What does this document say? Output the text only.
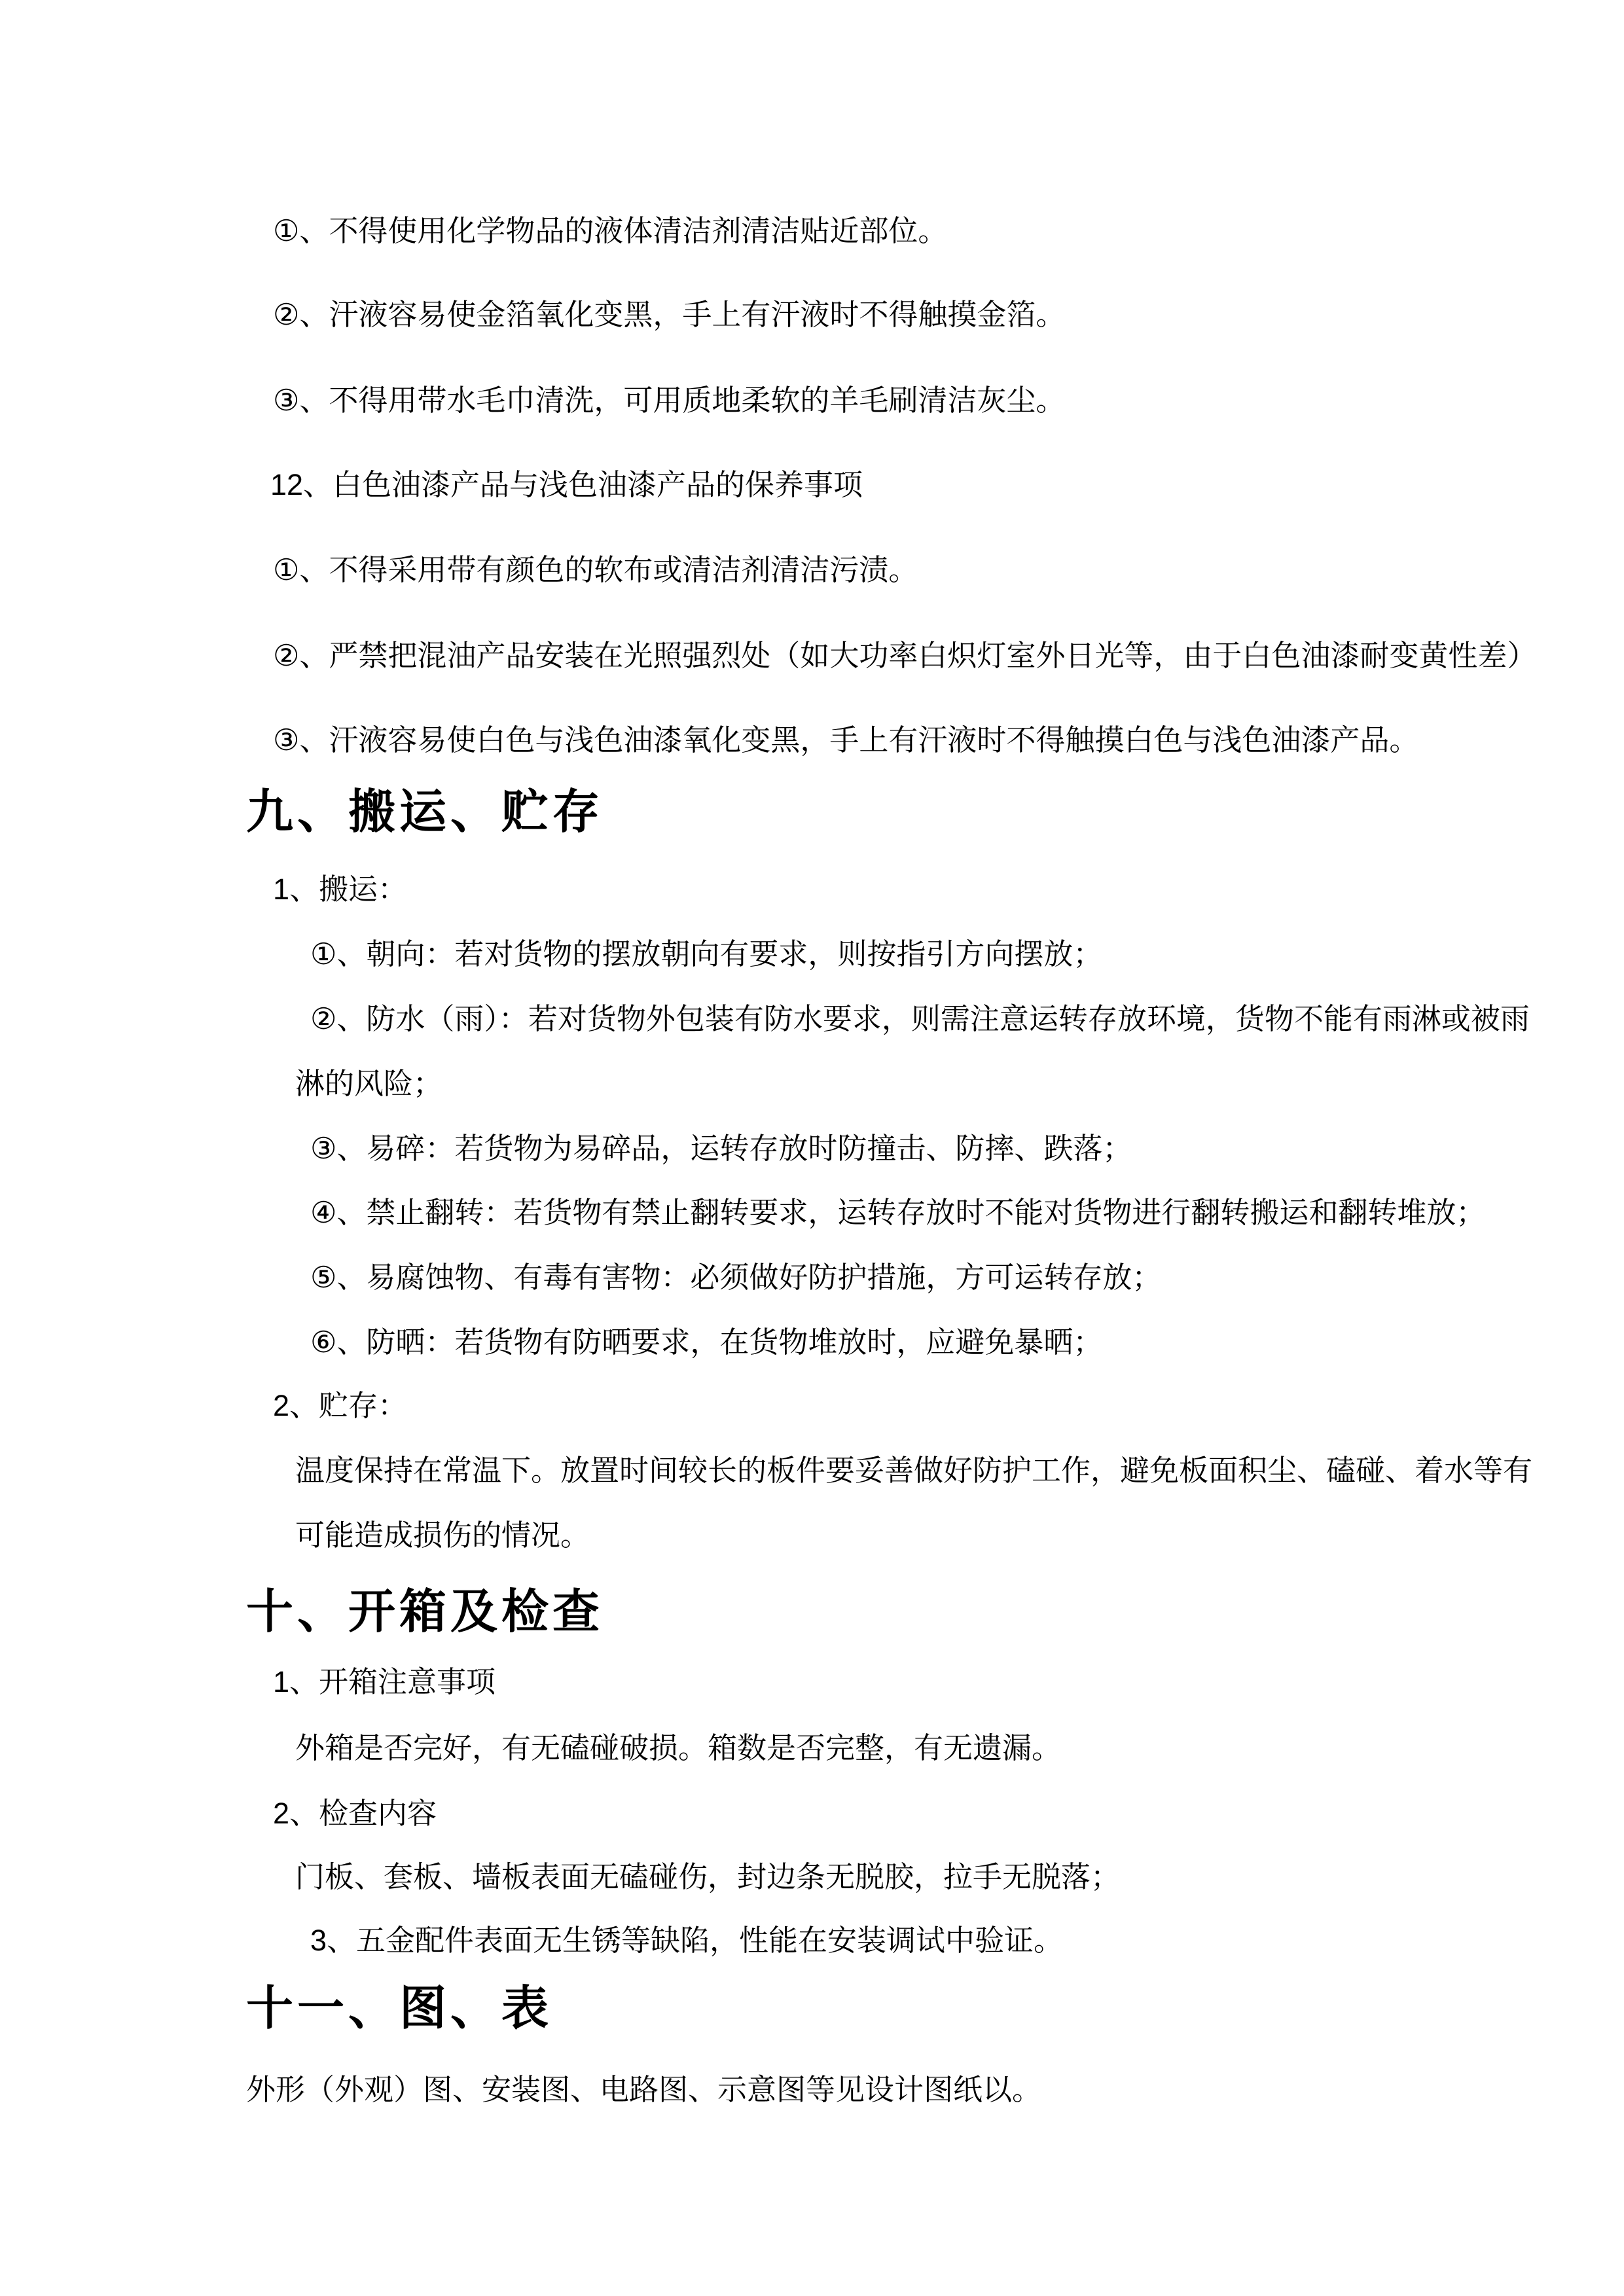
①、不得使用化学物品的液体清洁剂清洁贴近部位。
②、汗液容易使金箔氧化变黑，手上有汗液时不得触摸金箔。
③、不得用带水毛巾清洗，可用质地柔软的羊毛刷清洁灰尘。
12、白色油漆产品与浅色油漆产品的保养事项
①、不得采用带有颜色的软布或清洁剂清洁污渍。
②、严禁把混油产品安装在光照强烈处（如大功率白炽灯室外日光等，由于白色油漆耐变黄性差）
③、汗液容易使白色与浅色油漆氧化变黑，手上有汗液时不得触摸白色与浅色油漆产品。
九、搬运、贮存
1、搬运：
①、朝向：若对货物的摆放朝向有要求，则按指引方向摆放；
②、防水（雨）：若对货物外包装有防水要求，则需注意运转存放环境，货物不能有雨淋或被雨
淋的风险；
③、易碎：若货物为易碎品，运转存放时防撞击、防摔、跌落；
④、禁止翻转：若货物有禁止翻转要求，运转存放时不能对货物进行翻转搬运和翻转堆放；
⑤、易腐蚀物、有毒有害物：必须做好防护措施，方可运转存放；
⑥、防晒：若货物有防晒要求，在货物堆放时，应避免暴晒；
2、贮存：
温度保持在常温下。放置时间较长的板件要妥善做好防护工作，避免板面积尘、磕碰、着水等有
可能造成损伤的情况。
十、开箱及检查
1、开箱注意事项
外箱是否完好，有无磕碰破损。箱数是否完整，有无遗漏。
2、检查内容
门板、套板、墙板表面无磕碰伤，封边条无脱胶，拉手无脱落；
3、五金配件表面无生锈等缺陷，性能在安装调试中验证。
十一、图、表
外形（外观）图、安装图、电路图、示意图等见设计图纸以。
